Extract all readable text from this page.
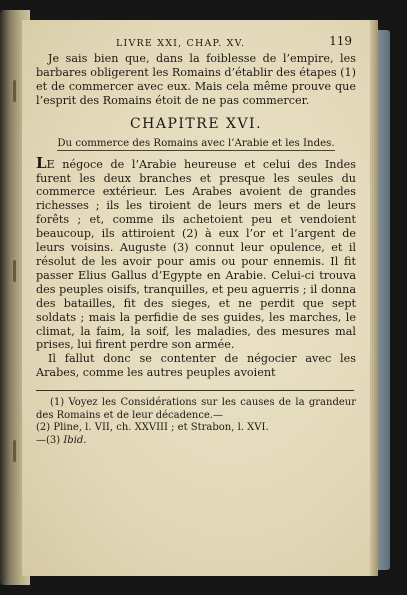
LIVRE XXI, CHAP. XV.	119

Je sais bien que, dans la foiblesse de l’empire, les barbares obligerent les Romains d’établir des étapes (1) et de commercer avec eux. Mais cela même prouve que l’esprit des Romains étoit de ne pas commercer.

CHAPITRE XVI.
Du commerce des Romains avec l’Arabie et les Indes.

LE négoce de l’Arabie heureuse et celui des Indes furent les deux branches et presque les seules du commerce extérieur. Les Arabes avoient de grandes richesses ; ils les tiroient de leurs mers et de leurs forêts ; et, comme ils achetoient peu et vendoient beaucoup, ils attiroient (2) à eux l’or et l’argent de leurs voisins. Auguste (3) connut leur opulence, et il résolut de les avoir pour amis ou pour ennemis. Il fit passer Elius Gallus d’Egypte en Arabie. Celui-ci trouva des peuples oisifs, tranquilles, et peu aguerris ; il donna des batailles, fit des sieges, et ne perdit que sept soldats ; mais la perfidie de ses guides, les marches, le climat, la faim, la soif, les maladies, des mesures mal prises, lui firent perdre son armée.

Il fallut donc se contenter de négocier avec les Arabes, comme les autres peuples avoient

(1) Voyez les Considérations sur les causes de la grandeur des Romains et de leur décadence.—

(2) Pline, l. VII, ch. XXVIII ; et Strabon, l. XVI.

—(3) Ibid.
